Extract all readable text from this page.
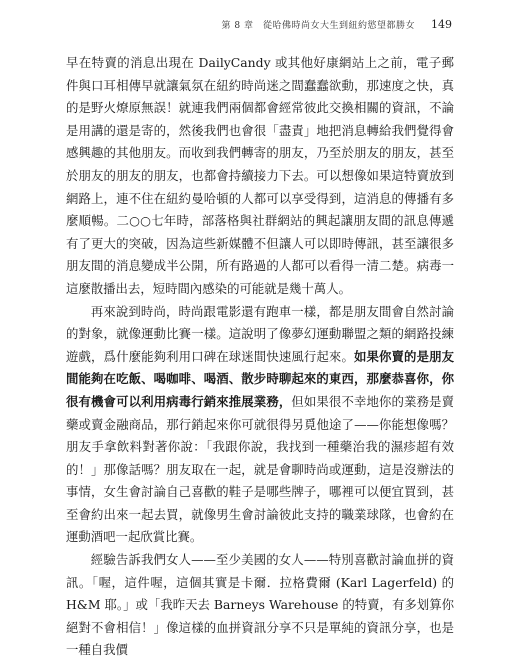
第 8 章　從哈佛時尚女大生到紐約慾望都勝女 149

早在特賣的消息出現在 DailyCandy 或其他好康網站上之前，電子郵件與口耳相傳早就讓氣氛在紐約時尚迷之間蠢蠢欲動，那速度之快，真的是野火燎原無誤！就連我們兩個都會經常彼此交換相關的資訊，不論是用講的還是寄的，然後我們也會很「盡責」地把消息轉給我們覺得會感興趣的其他朋友。而收到我們轉寄的朋友，乃至於朋友的朋友，甚至於朋友的朋友的朋友，也都會持續接力下去。可以想像如果這特賣放到網路上，連不住在紐約曼哈頓的人都可以享受得到，這消息的傳播有多麼順暢。二○○七年時，部落格與社群網站的興起讓朋友間的訊息傳遞有了更大的突破，因為這些新媒體不但讓人可以即時傳訊，甚至讓很多朋友間的消息變成半公開，所有路過的人都可以看得一清二楚。病毒一這麼散播出去，短時間內感染的可能就是幾十萬人。

再來說到時尚，時尚跟電影還有跑車一樣，都是朋友間會自然討論的對象，就像運動比賽一樣。這說明了像夢幻運動聯盟之類的網路投練遊戲，爲什麼能夠利用口碑在球迷間快速風行起來。如果你賣的是朋友間能夠在吃飯、喝咖啡、喝酒、散步時聊起來的東西，那麼恭喜你，你很有機會可以利用病毒行銷來推展業務，但如果很不幸地你的業務是賣藥或賣金融商品，那行銷起來你可就很得另覓他途了——你能想像嗎？朋友手拿飲料對著你說：「我跟你說，我找到一種藥治我的濕疹超有效的！」那像話嗎？朋友取在一起，就是會聊時尚或運動，這是沒辦法的事情，女生會討論自己喜歡的鞋子是哪些牌子，哪裡可以便宜買到，甚至會約出來一起去買，就像男生會討論彼此支持的職業球隊，也會約在運動酒吧一起欣賞比賽。

經驗告訴我們女人——至少美國的女人——特別喜歡討論血拼的資訊。「喔，這件喔，這個其實是卡爾．拉格費爾 (Karl Lagerfeld) 的 H&M 耶。」或「我昨天去 Barneys Warehouse 的特賣，有多划算你絕對不會相信！」像這樣的血拼資訊分享不只是單純的資訊分享，也是一種自我價
